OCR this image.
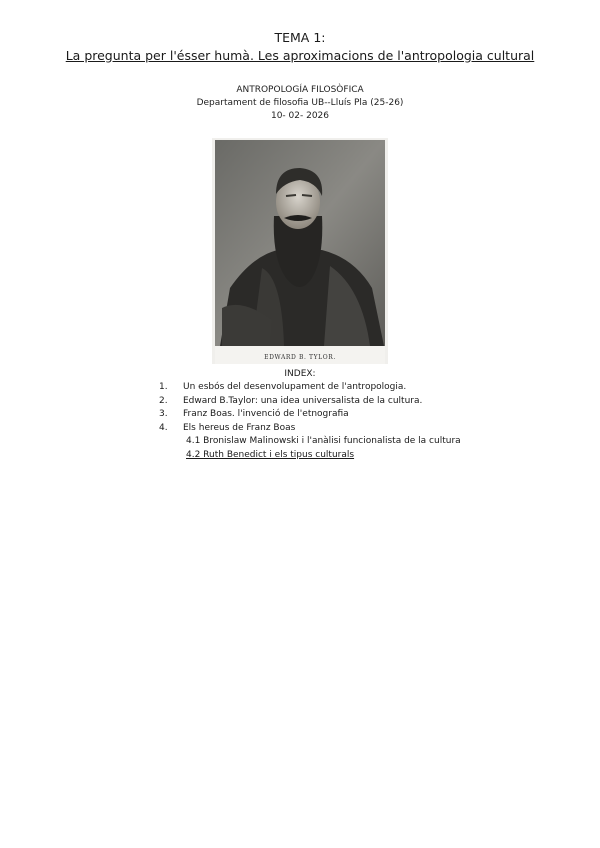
TEMA 1:
La pregunta per l'ésser humà. Les aproximacions de l'antropologia cultural
ANTROPOLOGÍA FILOSÒFICA
Departament de filosofia UB--Lluís Pla (25-26)
10- 02- 2026
EDWARD B. TYLOR.
INDEX:
1. Un esbós del desenvolupament de l'antropologia.
2. Edward B.Taylor: una idea universalista de la cultura.
3. Franz Boas. l'invenció de l'etnografia
4. Els hereus de Franz Boas
4.1 Bronislaw Malinowski i l'anàlisi funcionalista de la cultura
4.2 Ruth Benedict i els tipus culturals
